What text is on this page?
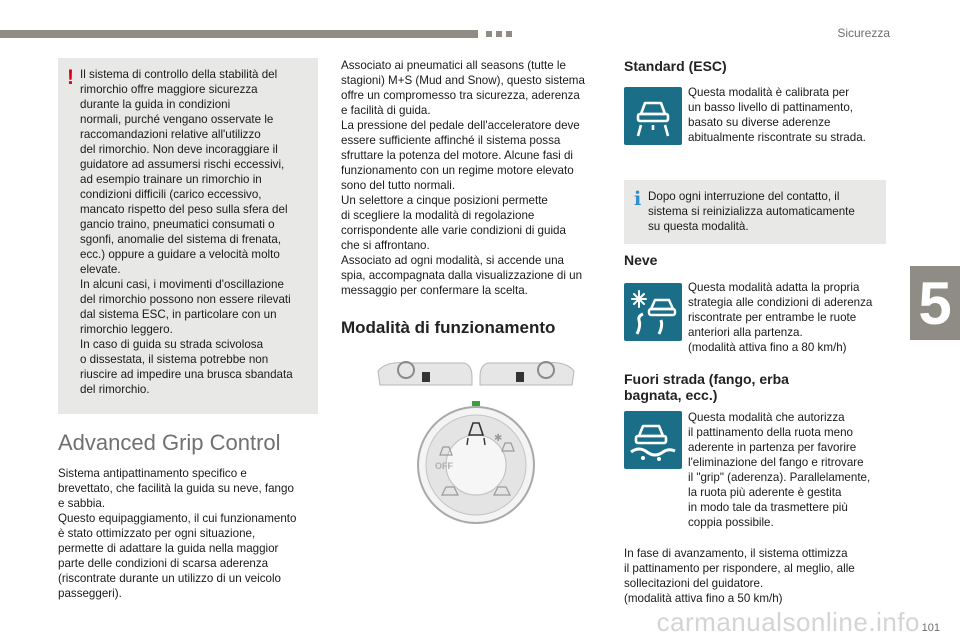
Sicurezza
5
! Il sistema di controllo della stabilità del
rimorchio offre maggiore sicurezza
durante la guida in condizioni
normali, purché vengano osservate le
raccomandazioni relative all'utilizzo
del rimorchio. Non deve incoraggiare il
guidatore ad assumersi rischi eccessivi,
ad esempio trainare un rimorchio in
condizioni difficili (carico eccessivo,
mancato rispetto del peso sulla sfera del
gancio traino, pneumatici consumati o
sgonfi, anomalie del sistema di frenata,
ecc.) oppure a guidare a velocità molto
elevate.
In alcuni casi, i movimenti d'oscillazione
del rimorchio possono non essere rilevati
dal sistema ESC, in particolare con un
rimorchio leggero.
In caso di guida su strada scivolosa
o dissestata, il sistema potrebbe non
riuscire ad impedire una brusca sbandata
del rimorchio.
Advanced Grip Control
Sistema antipattinamento specifico e
brevettato, che facilità la guida su neve, fango
e sabbia.
Questo equipaggiamento, il cui funzionamento
è stato ottimizzato per ogni situazione,
permette di adattare la guida nella maggior
parte delle condizioni di scarsa aderenza
(riscontrate durante un utilizzo di un veicolo
passeggeri).
Associato ai pneumatici all seasons (tutte le
stagioni) M+S (Mud and Snow), questo sistema
offre un compromesso tra sicurezza, aderenza
e facilità di guida.
La pressione del pedale dell'acceleratore deve
essere sufficiente affinché il sistema possa
sfruttare la potenza del motore. Alcune fasi di
funzionamento con un regime motore elevato
sono del tutto normali.
Un selettore a cinque posizioni permette
di scegliere la modalità di regolazione
corrispondente alle varie condizioni di guida
che si affrontano.
Associato ad ogni modalità, si accende una
spia, accompagnata dalla visualizzazione di un
messaggio per confermare la scelta.
Modalità di funzionamento
✱
OFF
Standard (ESC)
Questa modalità è calibrata per
un basso livello di pattinamento,
basato su diverse aderenze
abitualmente riscontrate su strada.
i Dopo ogni interruzione del contatto, il
sistema si reinizializza automaticamente
su questa modalità.
Neve
Questa modalità adatta la propria
strategia alle condizioni di aderenza
riscontrate per entrambe le ruote
anteriori alla partenza.
(modalità attiva fino a 80 km/h)
Fuori strada (fango, erba
bagnata, ecc.)
Questa modalità che autorizza
il pattinamento della ruota meno
aderente in partenza per favorire
l'eliminazione del fango e ritrovare
il "grip" (aderenza). Parallelamente,
la ruota più aderente è gestita
in modo tale da trasmettere più
coppia possibile.
In fase di avanzamento, il sistema ottimizza
il pattinamento per rispondere, al meglio, alle
sollecitazioni del guidatore.
(modalità attiva fino a 50 km/h)
carmanualsonline.info 101
